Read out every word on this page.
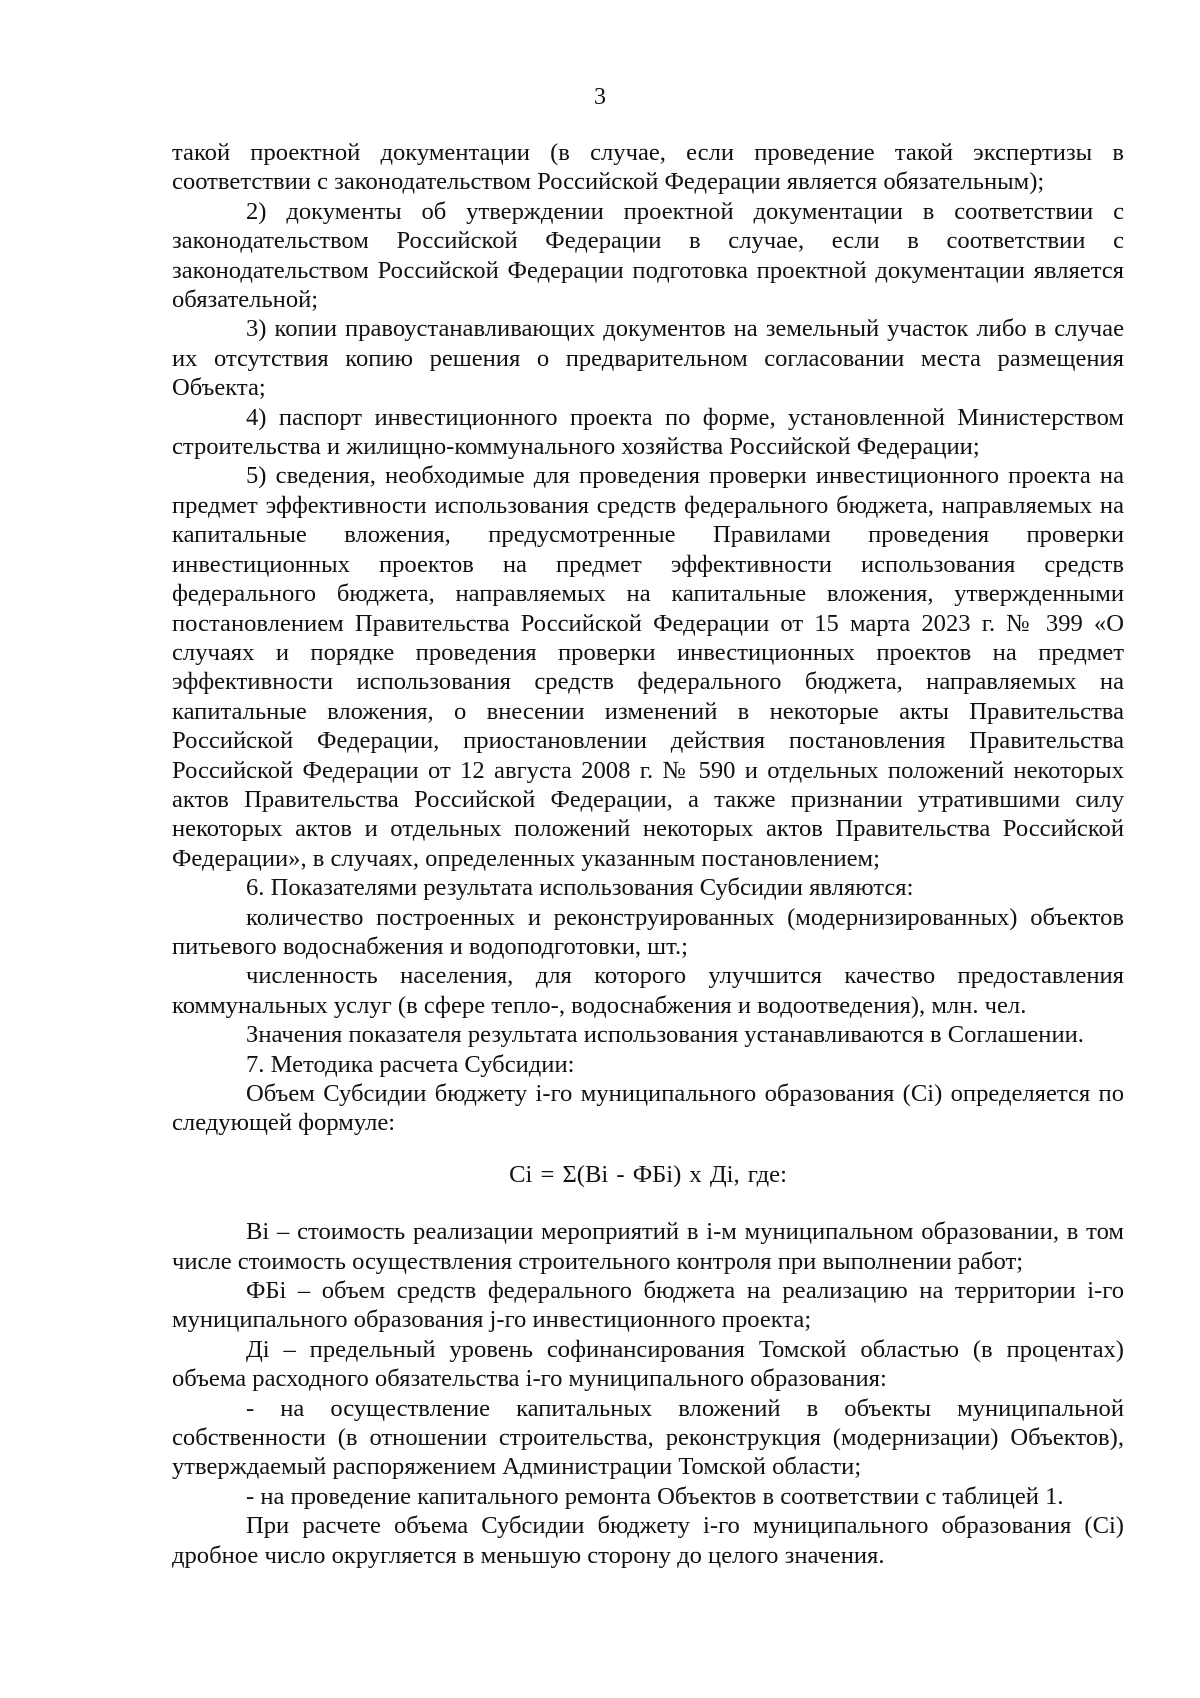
3

такой проектной документации (в случае, если проведение такой экспертизы в соответствии с законодательством Российской Федерации является обязательным);

2) документы об утверждении проектной документации в соответствии с законодательством Российской Федерации в случае, если в соответствии с законодательством Российской Федерации подготовка проектной документации является обязательной;

3) копии правоустанавливающих документов на земельный участок либо в случае их отсутствия копию решения о предварительном согласовании места размещения Объекта;

4) паспорт инвестиционного проекта по форме, установленной Министерством строительства и жилищно-коммунального хозяйства Российской Федерации;

5) сведения, необходимые для проведения проверки инвестиционного проекта на предмет эффективности использования средств федерального бюджета, направляемых на капитальные вложения, предусмотренные Правилами проведения проверки инвестиционных проектов на предмет эффективности использования средств федерального бюджета, направляемых на капитальные вложения, утвержденными постановлением Правительства Российской Федерации от 15 марта 2023 г. № 399 «О случаях и порядке проведения проверки инвестиционных проектов на предмет эффективности использования средств федерального бюджета, направляемых на капитальные вложения, о внесении изменений в некоторые акты Правительства Российской Федерации, приостановлении действия постановления Правительства Российской Федерации от 12 августа 2008 г. № 590 и отдельных положений некоторых актов Правительства Российской Федерации, а также признании утратившими силу некоторых актов и отдельных положений некоторых актов Правительства Российской Федерации», в случаях, определенных указанным постановлением;

6. Показателями результата использования Субсидии являются:

количество построенных и реконструированных (модернизированных) объектов питьевого водоснабжения и водоподготовки, шт.;

численность населения, для которого улучшится качество предоставления коммунальных услуг (в сфере тепло-, водоснабжения и водоотведения), млн. чел.

Значения показателя результата использования устанавливаются в Соглашении.

7. Методика расчета Субсидии:

Объем Субсидии бюджету i-го муниципального образования (Сi) определяется по следующей формуле:

Сi = Σ(Вi - ФБi) x Дi, где:

Вi – стоимость реализации мероприятий в i-м муниципальном образовании, в том числе стоимость осуществления строительного контроля при выполнении работ;

ФБi – объем средств федерального бюджета на реализацию на территории i-го муниципального образования j-го инвестиционного проекта;

Дi – предельный уровень софинансирования Томской областью (в процентах) объема расходного обязательства i-го муниципального образования:

- на осуществление капитальных вложений в объекты муниципальной собственности (в отношении строительства, реконструкция (модернизации) Объектов), утверждаемый распоряжением Администрации Томской области;

- на проведение капитального ремонта Объектов в соответствии с таблицей 1.

При расчете объема Субсидии бюджету i-го муниципального образования (Сi) дробное число округляется в меньшую сторону до целого значения.
